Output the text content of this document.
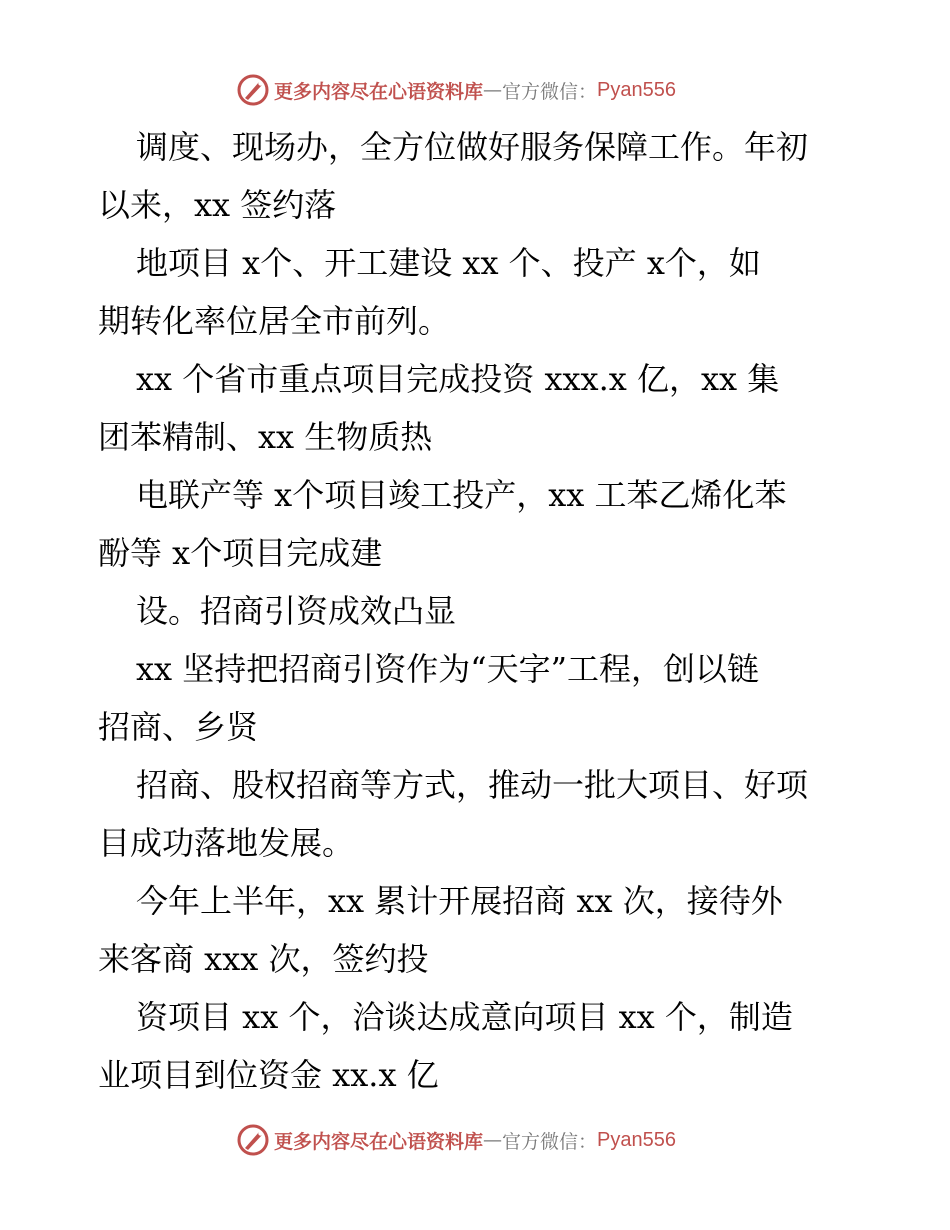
更多内容尽在心语资料库 — 官方微信： Pyan556

调度、现场办，全方位做好服务保障工作。年初
以来，xx 签约落

地项目 x个、开工建设 xx 个、投产 x个，如
期转化率位居全市前列。

xx 个省市重点项目完成投资 xxx.x 亿，xx 集
团苯精制、xx 生物质热

电联产等 x个项目竣工投产，xx 工苯乙烯化苯
酚等 x个项目完成建

设。招商引资成效凸显

xx 坚持把招商引资作为“天字”工程，创以链
招商、乡贤

招商、股权招商等方式，推动一批大项目、好项
目成功落地发展。

今年上半年，xx 累计开展招商 xx 次，接待外
来客商 xxx 次，签约投

资项目 xx 个，洽谈达成意向项目 xx 个，制造
业项目到位资金 xx.x 亿

更多内容尽在心语资料库 — 官方微信： Pyan556
